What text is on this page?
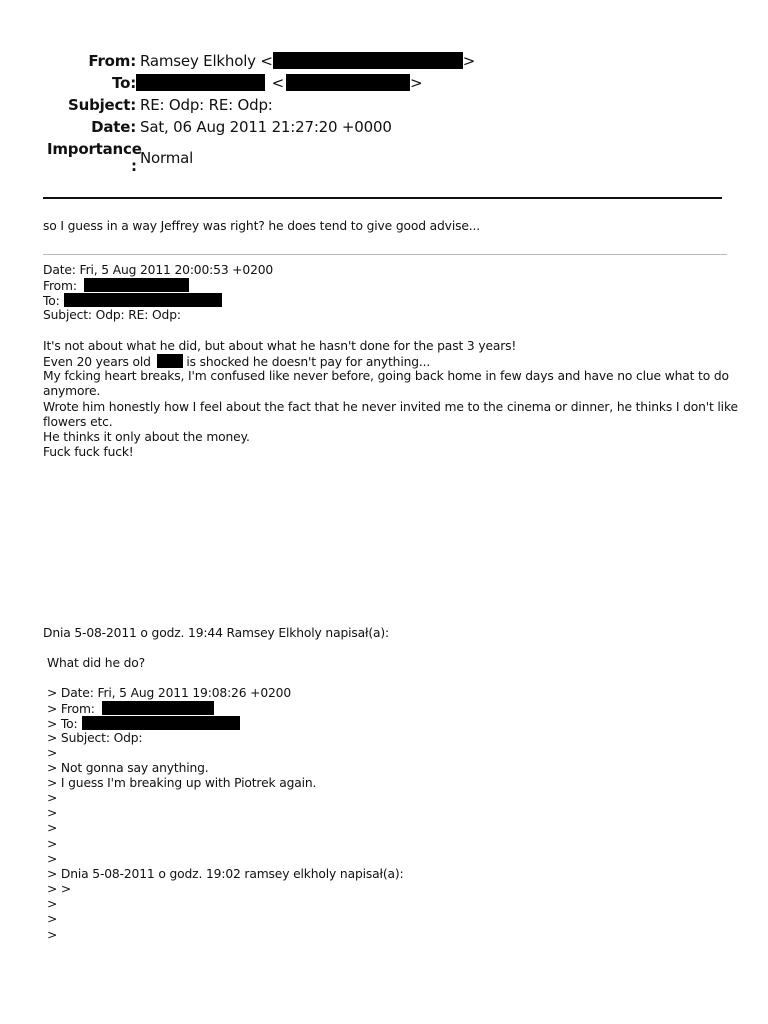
From: Ramsey Elkholy <	>
To:	<	>
Subject: RE: Odp: RE: Odp:
Date: Sat, 06 Aug 2011 21:27:20 +0000
Importance
: Normal
so I guess in a way Jeffrey was right? he does tend to give good advise...
Date: Fri, 5 Aug 2011 20:00:53 +0200
From:
To:
Subject: Odp: RE: Odp:
It's not about what he did, but about what he hasn't done for the past 3 years!
Even 20 years old	is shocked he doesn't pay for anything...
My fcking heart breaks, I'm confused like never before, going back home in few days and have no clue what to do
anymore.
Wrote him honestly how I feel about the fact that he never invited me to the cinema or dinner, he thinks I don't like
flowers etc.
He thinks it only about the money.
Fuck fuck fuck!
Dnia 5-08-2011 o godz. 19:44 Ramsey Elkholy napisał(a):
What did he do?
> Date: Fri, 5 Aug 2011 19:08:26 +0200
> From:
> To:
> Subject: Odp:
>
> Not gonna say anything.
> I guess I'm breaking up with Piotrek again.
>
>
>
>
>
> Dnia 5-08-2011 o godz. 19:02 ramsey elkholy napisał(a):
> >
>
>
>
